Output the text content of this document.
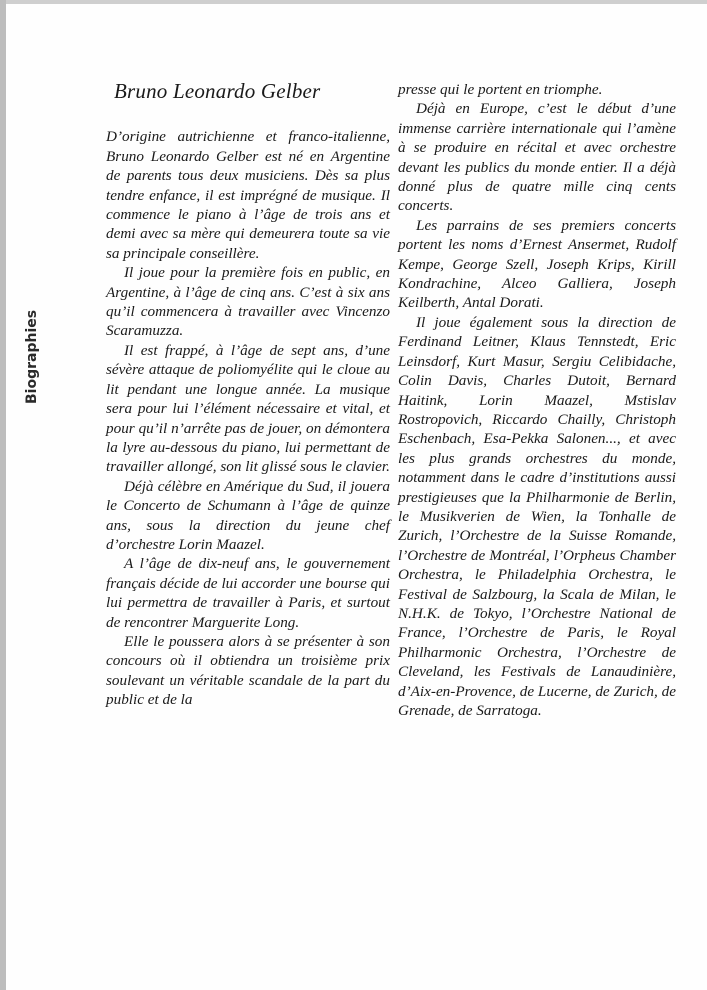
Biographies
Bruno Leonardo Gelber

D’origine autrichienne et franco-italienne, Bruno Leonardo Gelber est né en Argentine de parents tous deux musiciens. Dès sa plus tendre enfance, il est imprégné de musique. Il commence le piano à l’âge de trois ans et demi avec sa mère qui demeurera toute sa vie sa principale conseillère.

Il joue pour la première fois en public, en Argentine, à l’âge de cinq ans. C’est à six ans qu’il commencera à travailler avec Vincenzo Scaramuzza.

Il est frappé, à l’âge de sept ans, d’une sévère attaque de poliomyélite qui le cloue au lit pendant une longue année. La musique sera pour lui l’élément nécessaire et vital, et pour qu’il n’arrête pas de jouer, on démontera la lyre au-dessous du piano, lui permettant de travailler allongé, son lit glissé sous le clavier.

Déjà célèbre en Amérique du Sud, il jouera le Concerto de Schumann à l’âge de quinze ans, sous la direction du jeune chef d’orchestre Lorin Maazel.

A l’âge de dix-neuf ans, le gouvernement français décide de lui accorder une bourse qui lui permettra de travailler à Paris, et surtout de rencontrer Marguerite Long.

Elle le poussera alors à se présenter à son concours où il obtiendra un troisième prix soulevant un véritable scandale de la part du public et de la

presse qui le portent en triomphe.

Déjà en Europe, c’est le début d’une immense carrière internationale qui l’amène à se produire en récital et avec orchestre devant les publics du monde entier. Il a déjà donné plus de quatre mille cinq cents concerts.

Les parrains de ses premiers concerts portent les noms d’Ernest Ansermet, Rudolf Kempe, George Szell, Joseph Krips, Kirill Kondrachine, Alceo Galliera, Joseph Keilberth, Antal Dorati.

Il joue également sous la direction de Ferdinand Leitner, Klaus Tennstedt, Eric Leinsdorf, Kurt Masur, Sergiu Celibidache, Colin Davis, Charles Dutoit, Bernard Haitink, Lorin Maazel, Mstislav Rostropovich, Riccardo Chailly, Christoph Eschenbach, Esa-Pekka Salonen..., et avec les plus grands orchestres du monde, notamment dans le cadre d’institutions aussi prestigieuses que la Philharmonie de Berlin, le Musikverien de Wien, la Tonhalle de Zurich, l’Orchestre de la Suisse Romande, l’Orchestre de Montréal, l’Orpheus Chamber Orchestra, le Philadelphia Orchestra, le Festival de Salzbourg, la Scala de Milan, le N.H.K. de Tokyo, l’Orchestre National de France, l’Orchestre de Paris, le Royal Philharmonic Orchestra, l’Orchestre de Cleveland, les Festivals de Lanaudinière, d’Aix-en-Provence, de Lucerne, de Zurich, de Grenade, de Sarratoga.
